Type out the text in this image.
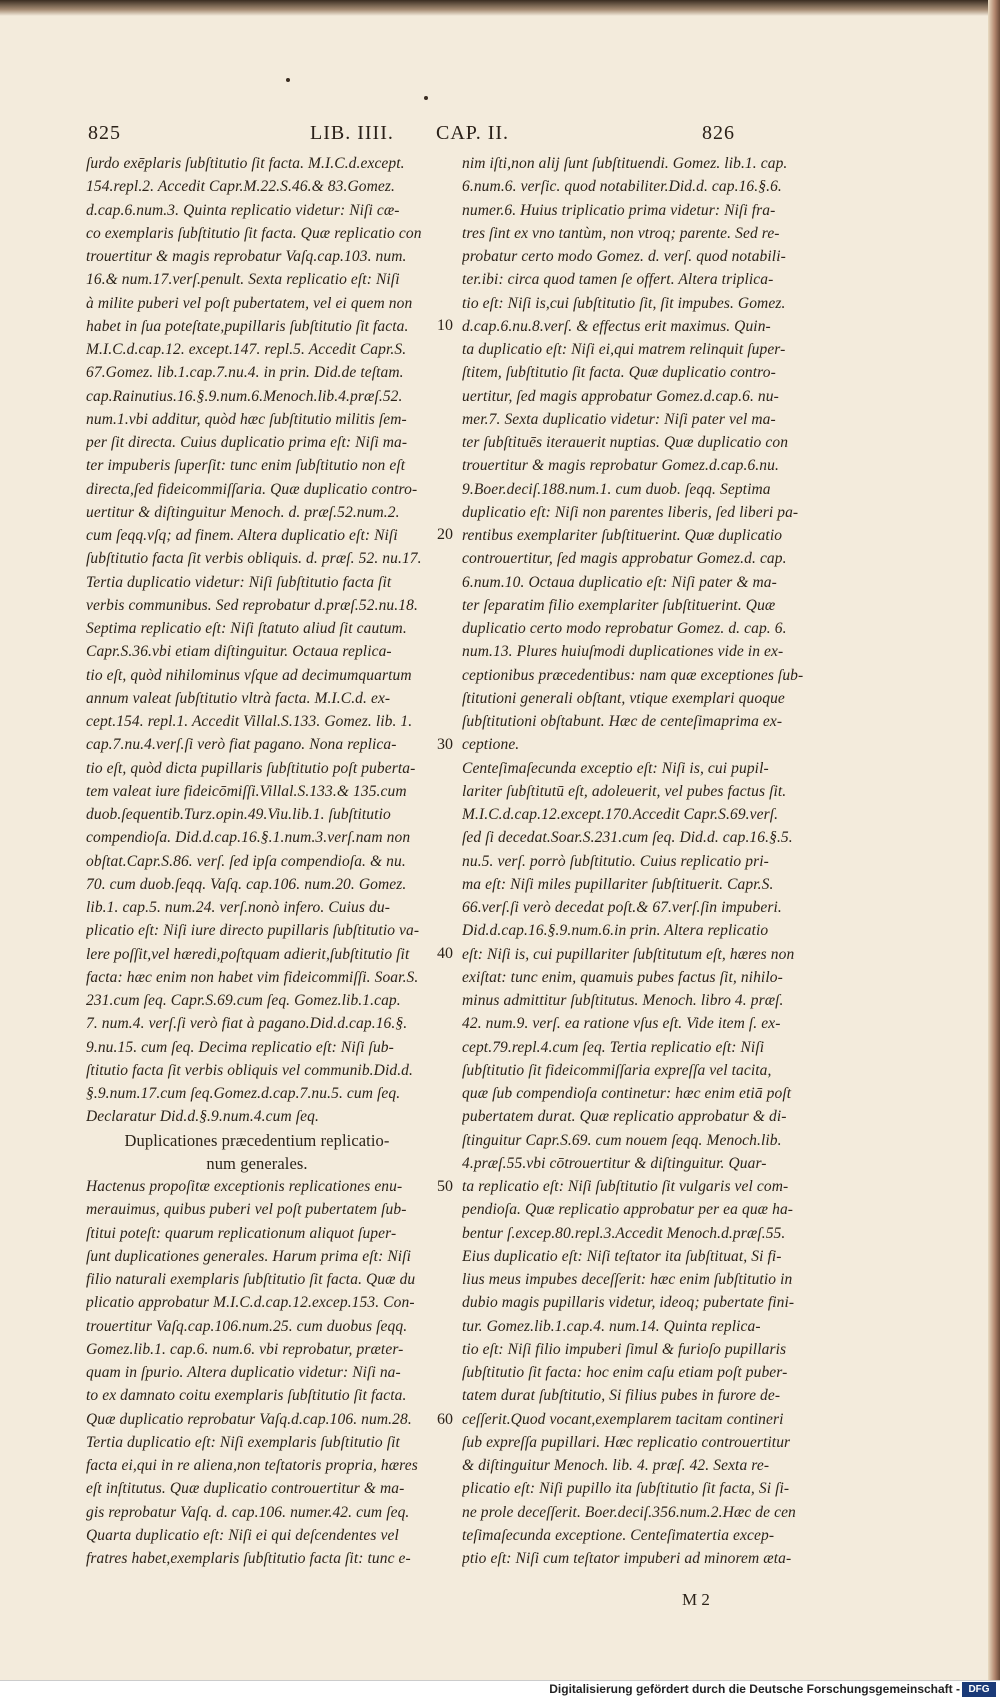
825	LIB. IIII. CAP. II.	826
ſurdo exēplaris ſubſtitutio ſit facta. M.I.C.d.except.
154.repl.2. Accedit Capr.M.22.S.46.& 83.Gomez.
d.cap.6.num.3. Quinta replicatio videtur: Niſi cæ-
co exemplaris ſubſtitutio ſit facta. Quæ replicatio con
trouertitur & magis reprobatur Vaſq.cap.103. num.
16.& num.17.verſ.penult. Sexta replicatio eſt: Niſi
à milite puberi vel poſt pubertatem, vel ei quem non
habet in ſua poteſtate,pupillaris ſubſtitutio ſit facta.
M.I.C.d.cap.12. except.147. repl.5. Accedit Capr.S.
67.Gomez. lib.1.cap.7.nu.4. in prin. Did.de teſtam.
cap.Rainutius.16.§.9.num.6.Menoch.lib.4.præſ.52.
num.1.vbi additur, quòd hæc ſubſtitutio militis ſem-
per ſit directa. Cuius duplicatio prima eſt: Niſi ma-
ter impuberis ſuperſit: tunc enim ſubſtitutio non eſt
directa,ſed fideicommiſſaria. Quæ duplicatio contro-
uertitur & diſtinguitur Menoch. d. præſ.52.num.2.
cum ſeqq.vſq; ad finem. Altera duplicatio eſt: Niſi
ſubſtitutio facta ſit verbis obliquis. d. præſ. 52. nu.17.
Tertia duplicatio videtur: Niſi ſubſtitutio facta ſit
verbis communibus. Sed reprobatur d.præſ.52.nu.18.
Septima replicatio eſt: Niſi ſtatuto aliud ſit cautum.
Capr.S.36.vbi etiam diſtinguitur. Octaua replica-
tio eſt, quòd nihilominus vſque ad decimumquartum
annum valeat ſubſtitutio vltrà facta. M.I.C.d. ex-
cept.154. repl.1. Accedit Villal.S.133. Gomez. lib. 1.
cap.7.nu.4.verſ.ſi verò fiat pagano. Nona replica-
tio eſt, quòd dicta pupillaris ſubſtitutio poſt puberta-
tem valeat iure fideicōmiſſi.Villal.S.133.& 135.cum
duob.ſequentib.Turz.opin.49.Viu.lib.1. ſubſtitutio
compendioſa. Did.d.cap.16.§.1.num.3.verſ.nam non
obſtat.Capr.S.86. verſ. ſed ipſa compendioſa. & nu.
70. cum duob.ſeqq. Vaſq. cap.106. num.20. Gomez.
lib.1. cap.5. num.24. verſ.nonò infero. Cuius du-
plicatio eſt: Niſi iure directo pupillaris ſubſtitutio va-
lere poſſit,vel hæredi,poſtquam adierit,ſubſtitutio ſit
facta: hæc enim non habet vim fideicommiſſi. Soar.S.
231.cum ſeq. Capr.S.69.cum ſeq. Gomez.lib.1.cap.
7. num.4. verſ.ſi verò fiat à pagano.Did.d.cap.16.§.
9.nu.15. cum ſeq. Decima replicatio eſt: Niſi ſub-
ſtitutio facta ſit verbis obliquis vel communib.Did.d.
§.9.num.17.cum ſeq.Gomez.d.cap.7.nu.5. cum ſeq.
Declaratur Did.d.§.9.num.4.cum ſeq.
Duplicationes præcedentium replicatio-
num generales.
Hactenus propoſitæ exceptionis replicationes enu-
merauimus, quibus puberi vel poſt pubertatem ſub-
ſtitui poteſt: quarum replicationum aliquot ſuper-
ſunt duplicationes generales. Harum prima eſt: Niſi
filio naturali exemplaris ſubſtitutio ſit facta. Quæ du
plicatio approbatur M.I.C.d.cap.12.excep.153. Con-
trouertitur Vaſq.cap.106.num.25. cum duobus ſeqq.
Gomez.lib.1. cap.6. num.6. vbi reprobatur, præter-
quam in ſpurio. Altera duplicatio videtur: Niſi na-
to ex damnato coitu exemplaris ſubſtitutio ſit facta.
Quæ duplicatio reprobatur Vaſq.d.cap.106. num.28.
Tertia duplicatio eſt: Niſi exemplaris ſubſtitutio ſit
facta ei,qui in re aliena,non teſtatoris propria, hæres
eſt inſtitutus. Quæ duplicatio controuertitur & ma-
gis reprobatur Vaſq. d. cap.106. numer.42. cum ſeq.
Quarta duplicatio eſt: Niſi ei qui deſcendentes vel
fratres habet,exemplaris ſubſtitutio facta ſit: tunc e-
nim iſti,non alij ſunt ſubſtituendi. Gomez. lib.1. cap.
6.num.6. verſic. quod notabiliter.Did.d. cap.16.§.6.
numer.6. Huius triplicatio prima videtur: Niſi fra-
tres ſint ex vno tantùm, non vtroq; parente. Sed re-
probatur certo modo Gomez. d. verſ. quod notabili-
ter.ibi: circa quod tamen ſe offert. Altera triplica-
tio eſt: Niſi is,cui ſubſtitutio ſit, ſit impubes. Gomez.
d.cap.6.nu.8.verſ. & effectus erit maximus. Quin-
ta duplicatio eſt: Niſi ei,qui matrem relinquit ſuper-
ſtitem, ſubſtitutio ſit facta. Quæ duplicatio contro-
uertitur, ſed magis approbatur Gomez.d.cap.6. nu-
mer.7. Sexta duplicatio videtur: Niſi pater vel ma-
ter ſubſtituēs iterauerit nuptias. Quæ duplicatio con
trouertitur & magis reprobatur Gomez.d.cap.6.nu.
9.Boer.deciſ.188.num.1. cum duob. ſeqq. Septima
duplicatio eſt: Niſi non parentes liberis, ſed liberi pa-
rentibus exemplariter ſubſtituerint. Quæ duplicatio
controuertitur, ſed magis approbatur Gomez.d. cap.
6.num.10. Octaua duplicatio eſt: Niſi pater & ma-
ter ſeparatim filio exemplariter ſubſtituerint. Quæ
duplicatio certo modo reprobatur Gomez. d. cap. 6.
num.13. Plures huiuſmodi duplicationes vide in ex-
ceptionibus præcedentibus: nam quæ exceptiones ſub-
ſtitutioni generali obſtant, vtique exemplari quoque
ſubſtitutioni obſtabunt. Hæc de centeſimaprima ex-
ceptione.
Centeſimaſecunda exceptio eſt: Niſi is, cui pupil-
lariter ſubſtitutū eſt, adoleuerit, vel pubes factus ſit.
M.I.C.d.cap.12.except.170.Accedit Capr.S.69.verſ.
ſed ſi decedat.Soar.S.231.cum ſeq. Did.d. cap.16.§.5.
nu.5. verſ. porrò ſubſtitutio. Cuius replicatio pri-
ma eſt: Niſi miles pupillariter ſubſtituerit. Capr.S.
66.verſ.ſi verò decedat poſt.& 67.verſ.ſin impuberi.
Did.d.cap.16.§.9.num.6.in prin. Altera replicatio
eſt: Niſi is, cui pupillariter ſubſtitutum eſt, hæres non
exiſtat: tunc enim, quamuis pubes factus ſit, nihilo-
minus admittitur ſubſtitutus. Menoch. libro 4. præſ.
42. num.9. verſ. ea ratione vſus eſt. Vide item ſ. ex-
cept.79.repl.4.cum ſeq. Tertia replicatio eſt: Niſi
ſubſtitutio ſit fideicommiſſaria expreſſa vel tacita,
quæ ſub compendioſa continetur: hæc enim etiā poſt
pubertatem durat. Quæ replicatio approbatur & di-
ſtinguitur Capr.S.69. cum nouem ſeqq. Menoch.lib.
4.præſ.55.vbi cōtrouertitur & diſtinguitur. Quar-
ta replicatio eſt: Niſi ſubſtitutio ſit vulgaris vel com-
pendioſa. Quæ replicatio approbatur per ea quæ ha-
bentur ſ.excep.80.repl.3.Accedit Menoch.d.præſ.55.
Eius duplicatio eſt: Niſi teſtator ita ſubſtituat, Si fi-
lius meus impubes deceſſerit: hæc enim ſubſtitutio in
dubio magis pupillaris videtur, ideoq; pubertate fini-
tur. Gomez.lib.1.cap.4. num.14. Quinta replica-
tio eſt: Niſi filio impuberi ſimul & furioſo pupillaris
ſubſtitutio ſit facta: hoc enim caſu etiam poſt puber-
tatem durat ſubſtitutio, Si filius pubes in furore de-
ceſſerit.Quod vocant,exemplarem tacitam contineri
ſub expreſſa pupillari. Hæc replicatio controuertitur
& diſtinguitur Menoch. lib. 4. præſ. 42. Sexta re-
plicatio eſt: Niſi pupillo ita ſubſtitutio ſit facta, Si ſi-
ne prole deceſſerit. Boer.deciſ.356.num.2.Hæc de cen
teſimaſecunda exceptione. Centeſimatertia excep-
ptio eſt: Niſi cum teſtator impuberi ad minorem æta-
10
20
30
40
50
60
M 2
Digitalisierung gefördert durch die Deutsche Forschungsgemeinschaft - DFG
